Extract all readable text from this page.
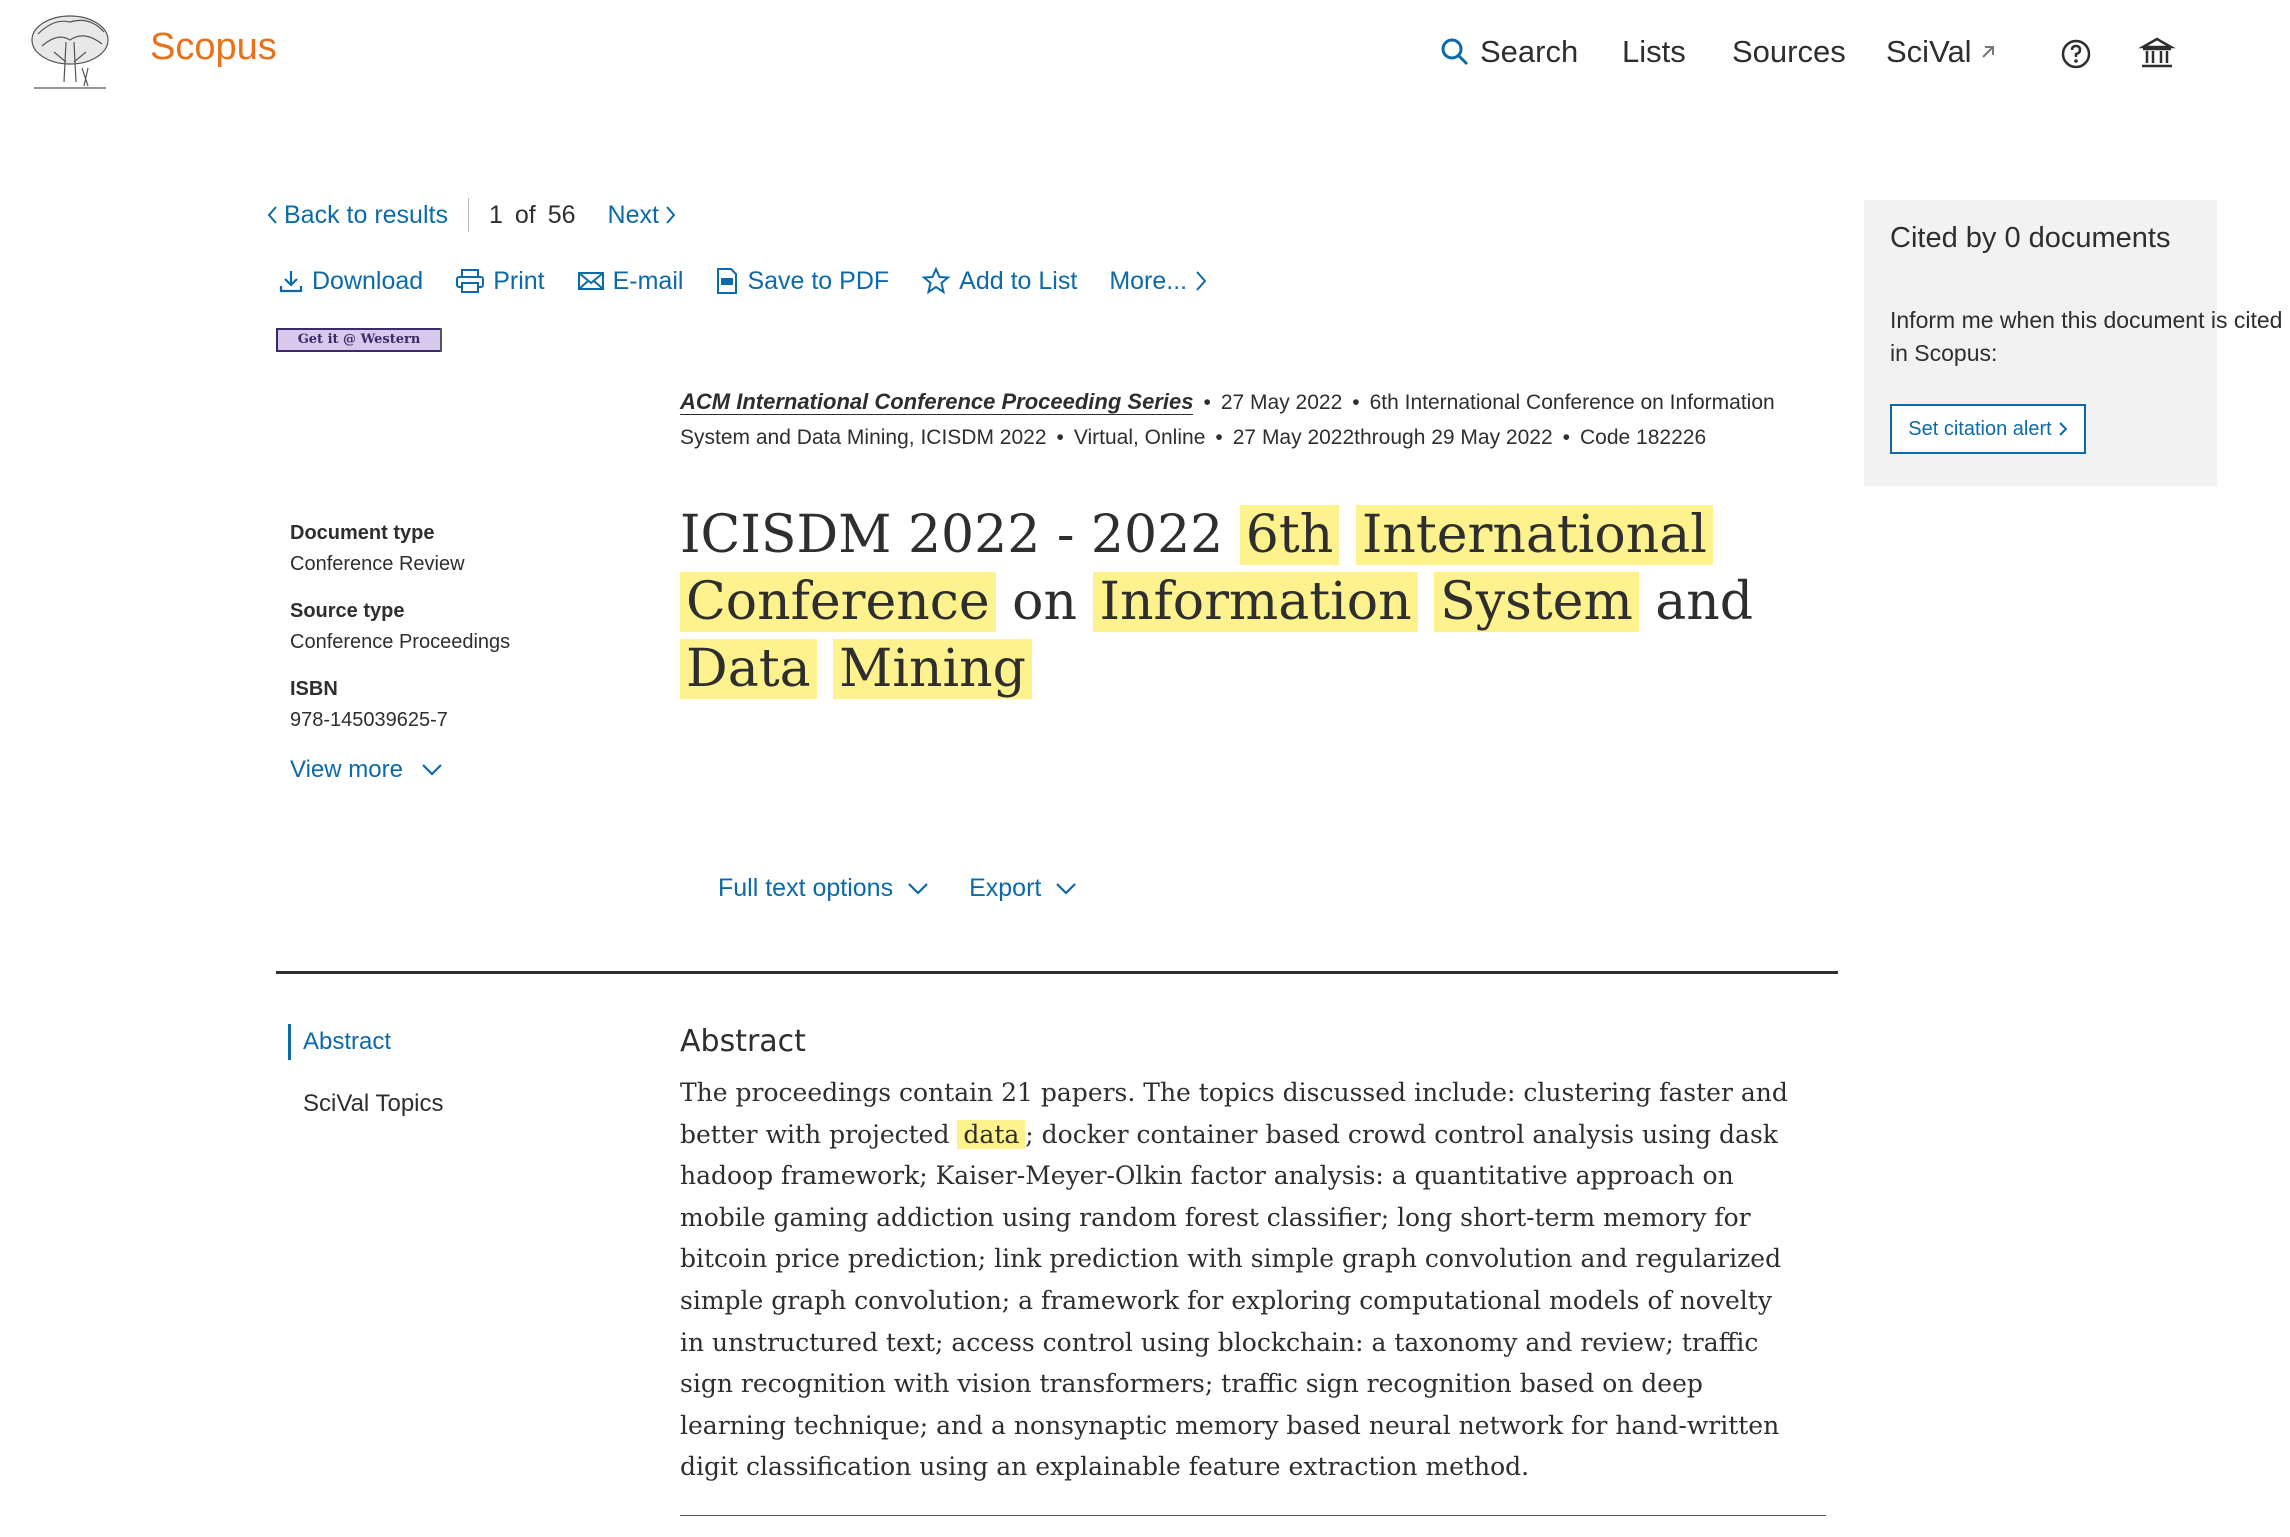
Scopus	Search Lists Sources SciVal
Back to results 1 of 56 Next
Download	Print	E-mail	Save to PDF	Add to List More...
Get it @ Western
ACM International Conference Proceeding Series • 27 May 2022 • 6th International Conference on Information System and Data Mining, ICISDM 2022 • Virtual, Online • 27 May 2022through 29 May 2022 • Code 182226
Document type
Conference Review
Source type
Conference Proceedings
ISBN
978-145039625-7
View more
ICISDM 2022 - 2022 6th International Conference on Information System and Data Mining
Full text options	Export
Abstract
SciVal Topics
Abstract
The proceedings contain 21 papers. The topics discussed include: clustering faster and better with projected data ; docker container based crowd control analysis using dask hadoop framework; Kaiser-Meyer-Olkin factor analysis: a quantitative approach on mobile gaming addiction using random forest classifier; long short-term memory for bitcoin price prediction; link prediction with simple graph convolution and regularized simple graph convolution; a framework for exploring computational models of novelty in unstructured text; access control using blockchain: a taxonomy and review; traffic sign recognition with vision transformers; traffic sign recognition based on deep learning technique; and a nonsynaptic memory based neural network for hand-written digit classification using an explainable feature extraction method.
Cited by 0 documents
Inform me when this document is cited in Scopus:
Set citation alert
